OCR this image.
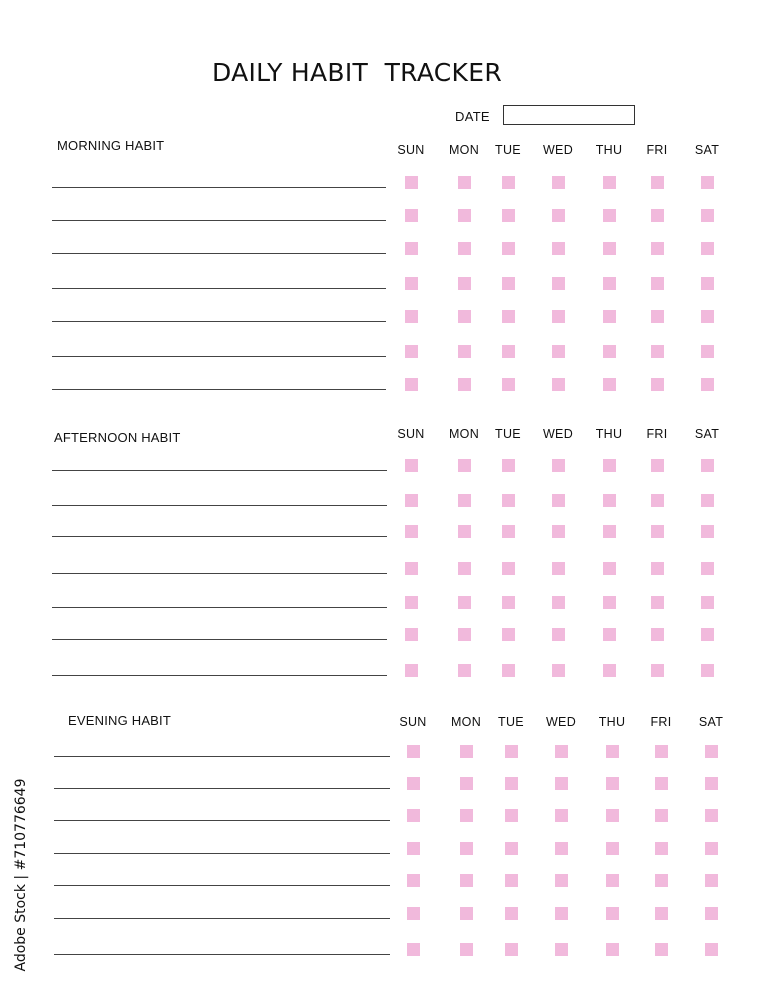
DAILY HABIT  TRACKER
DATE
MORNING HABIT	SUN	MON	TUE	WED	THU	FRI	SAT
AFTERNOON HABIT	SUN	MON	TUE	WED	THU	FRI	SAT
EVENING HABIT	SUN	MON	TUE	WED	THU	FRI	SAT
Adobe Stock | #710776649
